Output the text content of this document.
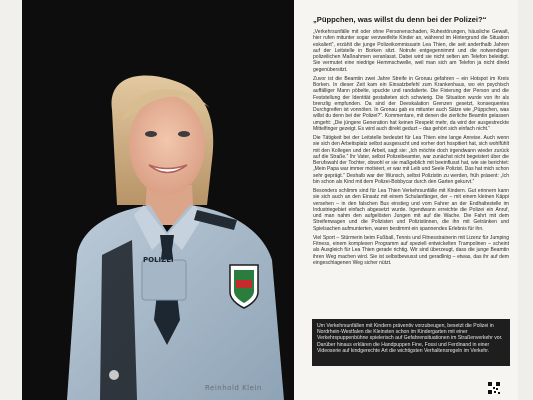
POLIZEI
Reinhold Klein
„Püppchen, was willst du denn bei der Polizei?“

„Verkehrsunfälle mit oder ohne Personenschaden, Ruhestörungen, häusliche Gewalt, hier rufen mitunter sogar verzweifelte Kinder an, während im Hintergrund die Situation eskaliert“, erzählt die junge Polizeikommissarin Lea Thien, die seit anderthalb Jahren auf der Leitstelle in Borken sitzt. Notrufe entgegennimmt und die notwendigen polizeilichen Maßnahmen veranlasst. Dabei wird sie nicht selten am Telefon beleidigt. Sie vermutet eine niedrige Hemmschwelle, weil man sich am Telefon ja nicht direkt gegenübersitzt.

Zuvor ist die Beamtin zwei Jahre Streife in Gronau gefahren – ein Hotspot im Kreis Borken. In dieser Zeit kam ein Einsatzbefehl zum Krankenhaus, wo ein psychisch auffälliger Mann pöbelte, spuckte und randalierte. Die Fixierung der Person und die Feststellung der Identität gestalteten sich schwierig. Die Situation wurde von ihr als brenzlig empfunden. Da sind der Deeskalation Grenzen gesetzt, konsequentes Durchgreifen ist vonnöten. In Gronau gab es mitunter auch Sätze wie „Püppchen, was willst du denn bei der Polizei?“. Kommentare, mit denen die zierliche Beamtin gelassen umgeht: „Die jüngere Generation hat keinen Respekt mehr, da wird der ausgestreckte Mittelfinger gezeigt. Es wird auch direkt geduzt – das gehört sich einfach nicht.“

Die Tätigkeit bei der Leitstelle bedeutet für Lea Thien eine lange Anreise. Auch wenn sie sich den Arbeitsplatz selbst ausgesucht und vorher dort hospitiert hat, sich wohlfühlt mit den Kollegen und der Arbeit, sagt sie: „Ich möchte doch irgendwann wieder zurück auf die Straße.“ Ihr Vater, selbst Polizeibeamter, war zunächst nicht begeistert über die Berufswahl der Tochter, obwohl er sie maßgeblich mit beeinflusst hat, wie sie berichtet: „Mein Papa war immer motiviert, er war mit Leib und Seele Polizist. Das hat mich schon sehr geprägt.“ Deshalb war der Wunsch, selbst Polizistin zu werden, früh präsent: „Ich bin schon als Kind mit dem Polizei-Bobbycar durch den Garten gekurvt.“

Besonders schlimm sind für Lea Thien Verkehrsunfälle mit Kindern. Gut erinnern kann sie sich auch an den Einsatz mit einem Schulanfänger, der – mit einem kleinen Käppi versehen – in den falschen Bus einstieg und vom Fahrer an der Endhaltestelle im Industriegebiet einfach abgesetzt wurde. Irgendwann erreichte die Polizei ein Anruf, und man nahm den aufgelösten Jungen mit auf die Wache. Die Fahrt mit dem Streifenwagen und die Polizisten und Polizistinnen, die ihn mit Getränken und Spielsachen aufmunterten, waren bestimmt ein spannendes Erlebnis für ihn.

Viel Sport – Stürmerin beim Fußball, Tennis und Fitnesstrainerin mit Lizenz für Jumping Fitness, einem komplexen Programm auf speziell entwickelten Trampolinen – scheint als Ausgleich für Lea Thien gerade richtig. Wir sind überzeugt, dass die junge Beamtin ihren Weg machen wird. Sie ist selbstbewusst und geradlinig – etwas, das ihr auf dem eingeschlagenen Weg sicher nützt.

Um Verkehrsunfällen mit Kindern präventiv vorzubeugen, besetzt die Polizei in Nordrhein-Westfalen die Kleinsten schon im Kindergarten mit einer Verkehrspuppenbühne spielerisch auf Gefahrensituationen im Straßenverkehr vor. Darüber hinaus erklären die Handpuppen Fine, Fossi und Ferdinand in einer Videoserie auf kindgerechte Art die wichtigsten Verhaltensregeln im Verkehr.
